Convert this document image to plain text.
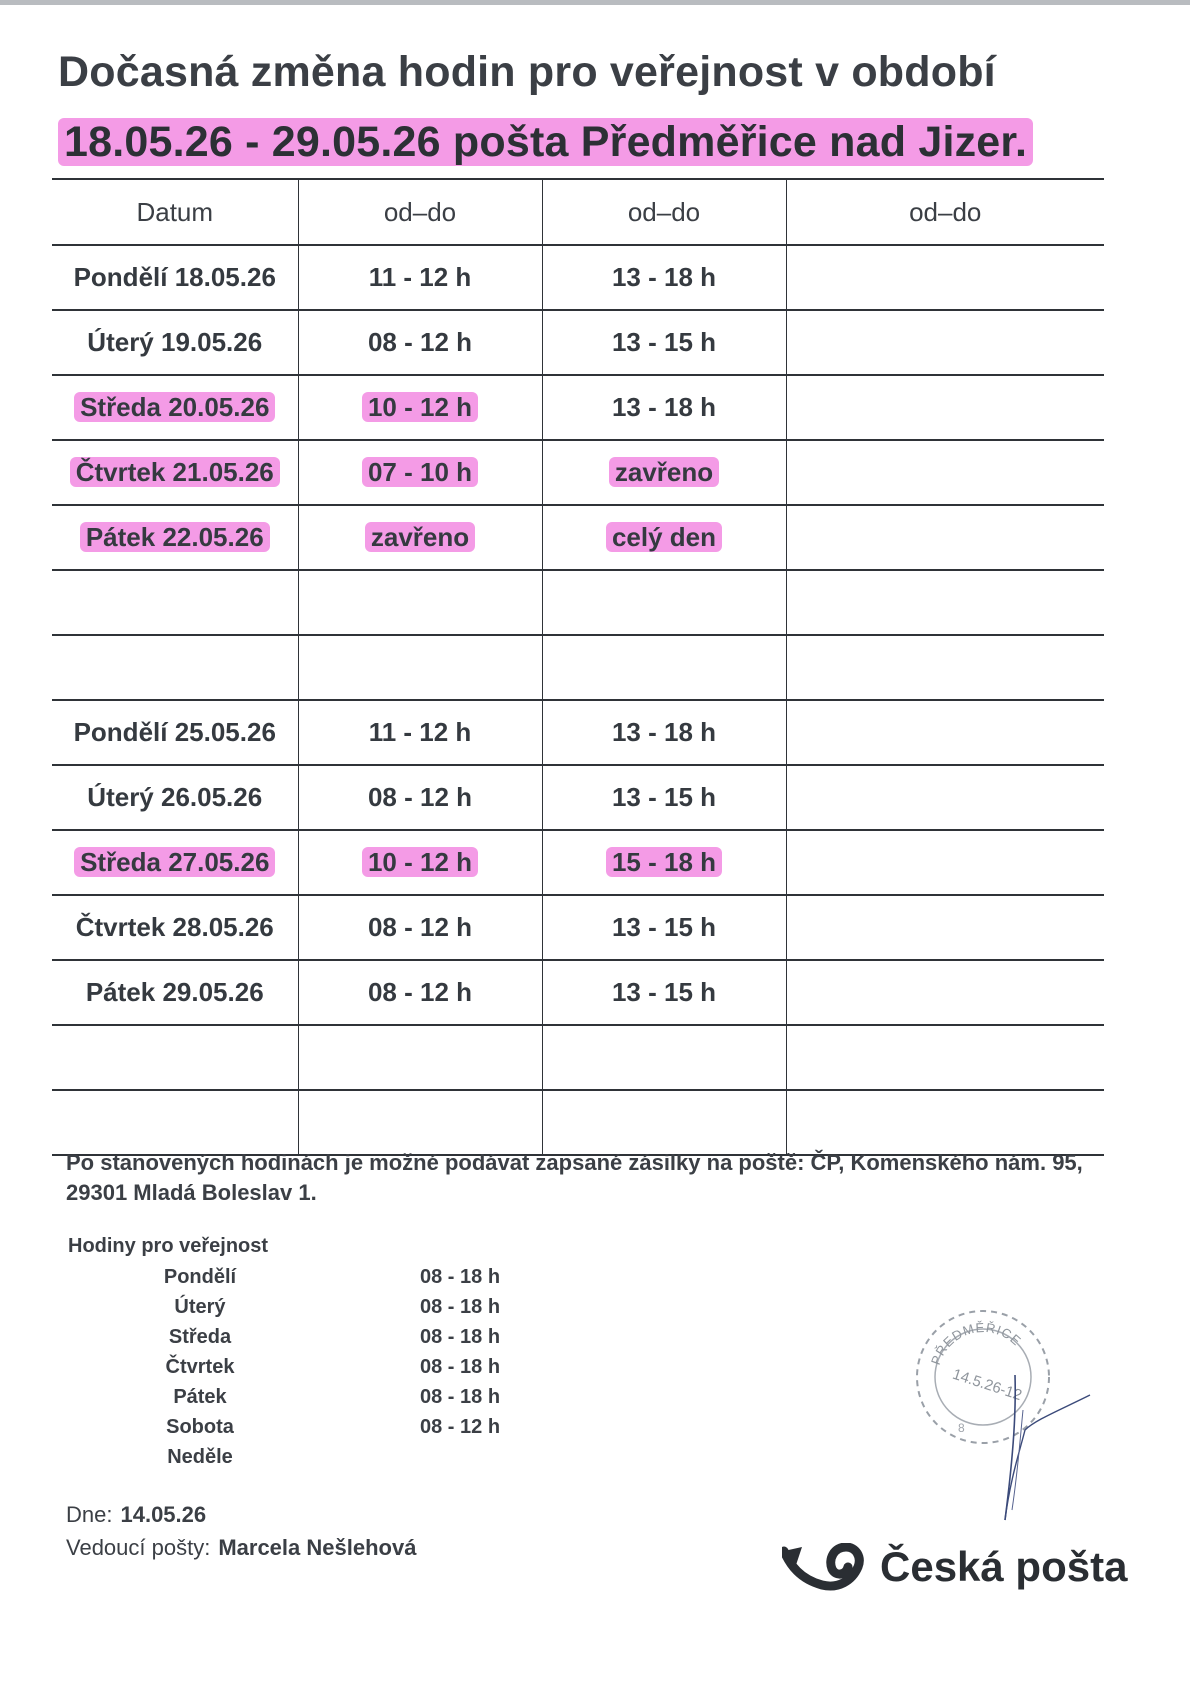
Dočasná změna hodin pro veřejnost v období
18.05.26 - 29.05.26 pošta Předměřice nad Jizer.
Datum	od–do	od–do	od–do
Pondělí 18.05.26	11 - 12 h	13 - 18 h	
Úterý 19.05.26	08 - 12 h	13 - 15 h	
Středa 20.05.26	10 - 12 h	13 - 18 h	
Čtvrtek 21.05.26	07 - 10 h	zavřeno	
Pátek 22.05.26	zavřeno	celý den	

Pondělí 25.05.26	11 - 12 h	13 - 18 h	
Úterý 26.05.26	08 - 12 h	13 - 15 h	
Středa 27.05.26	10 - 12 h	15 - 18 h	
Čtvrtek 28.05.26	08 - 12 h	13 - 15 h	
Pátek 29.05.26	08 - 12 h	13 - 15 h	

Po stanovených hodinách je možné podávat zapsané zásilky na poště: ČP, Komenského nám. 95, 29301 Mladá Boleslav 1.
Hodiny pro veřejnost
Pondělí	08 - 18 h
Úterý	08 - 18 h
Středa	08 - 18 h
Čtvrtek	08 - 18 h
Pátek	08 - 18 h
Sobota	08 - 12 h
Neděle	
Dne: 14.05.26
Vedoucí pošty: Marcela Nešlehová
PŘEDMĚŘICE
14.5.26-12
8
Česká pošta
